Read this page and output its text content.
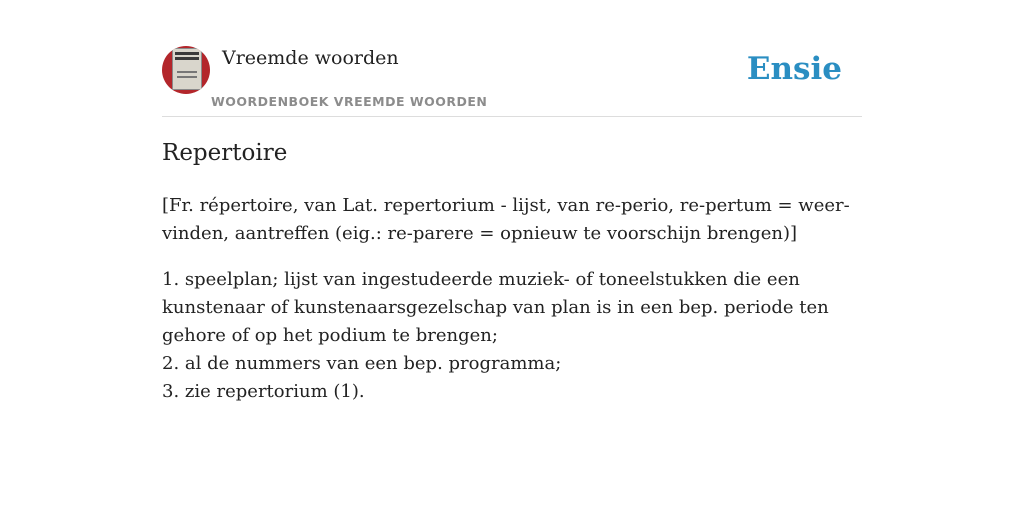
Vreemde woorden
WOORDENBOEK VREEMDE WOORDEN
Ensie
Repertoire

[Fr. répertoire, van Lat. repertorium - lijst, van re-perio, re-pertum = weer-vinden, aantreffen (eig.: re-parere = opnieuw te voorschijn brengen)]

1. speelplan; lijst van ingestudeerde muziek- of toneelstukken die een kunstenaar of kunstenaarsgezelschap van plan is in een bep. periode ten gehore of op het podium te brengen;
2. al de nummers van een bep. programma;
3. zie repertorium (1).
